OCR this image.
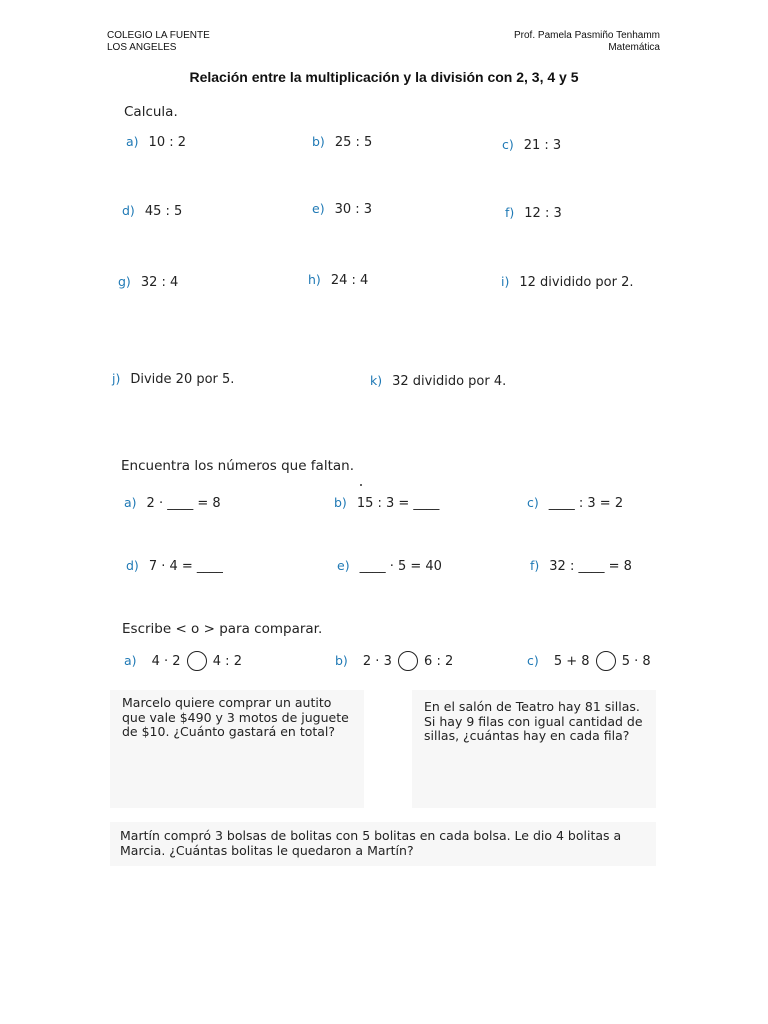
COLEGIO LA FUENTE
LOS ANGELES
Prof. Pamela Pasmiño Tenhamm
Matemática
Relación entre la multiplicación y la división con 2, 3, 4 y 5
Calcula.
a) 10 : 2	b) 25 : 5	c) 21 : 3
d) 45 : 5	e) 30 : 3	f) 12 : 3
g) 32 : 4	h) 24 : 4	i) 12 dividido por 2.
j) Divide 20 por 5.	k) 32 dividido por 4.
Encuentra los números que faltan.
a) 2 · ____ = 8	b) 15 : 3 = ____	c) ____ : 3 = 2
d) 7 · 4 = ____	e) ____ · 5 = 40	f) 32 : ____ = 8
Escribe < o > para comparar.
a) 4 · 2 4 : 2	b) 2 · 3 6 : 2	c) 5 + 8 5 · 8
Marcelo quiere comprar un autito que vale $490 y 3 motos de juguete de $10. ¿Cuánto gastará en total?
En el salón de Teatro hay 81 sillas. Si hay 9 filas con igual cantidad de sillas, ¿cuántas hay en cada fila?
Martín compró 3 bolsas de bolitas con 5 bolitas en cada bolsa. Le dio 4 bolitas a Marcia. ¿Cuántas bolitas le quedaron a Martín?
